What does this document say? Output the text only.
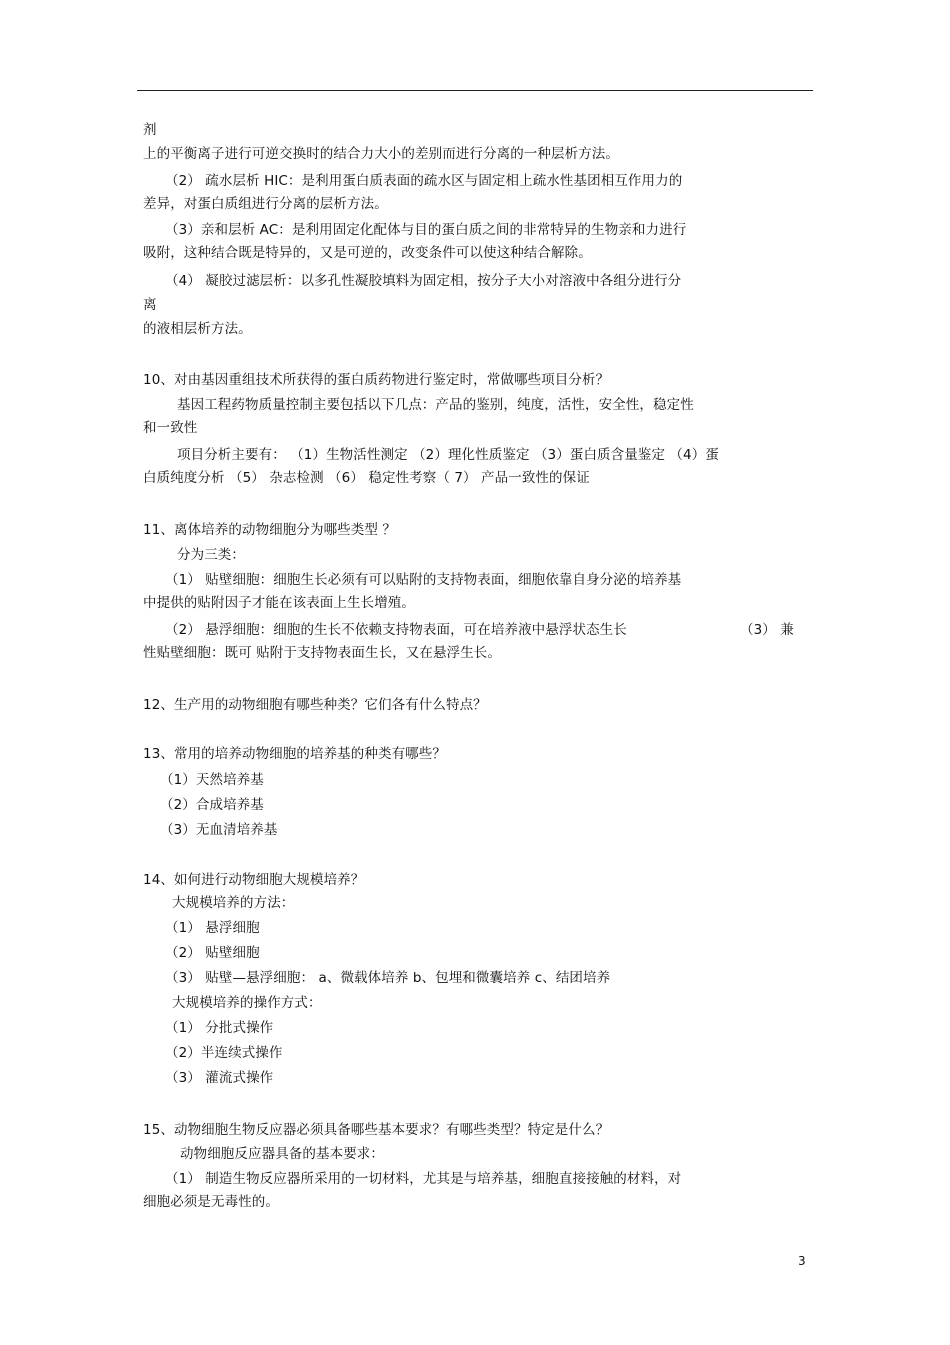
剂
上的平衡离子进行可逆交换时的结合力大小的差别而进行分离的一种层析方法。
（2） 疏水层析 HIC：是利用蛋白质表面的疏水区与固定相上疏水性基团相互作用力的
差异，对蛋白质组进行分离的层析方法。
（3）亲和层析 AC：是利用固定化配体与目的蛋白质之间的非常特异的生物亲和力进行
吸附，这种结合既是特异的，又是可逆的，改变条件可以使这种结合解除。
（4） 凝胶过滤层析：以多孔性凝胶填料为固定相，按分子大小对溶液中各组分进行分
离
的液相层析方法。
10、对由基因重组技术所获得的蛋白质药物进行鉴定时，常做哪些项目分析？
基因工程药物质量控制主要包括以下几点：产品的鉴别，纯度，活性，安全性，稳定性
和一致性
项目分析主要有： （1）生物活性测定 （2）理化性质鉴定 （3）蛋白质含量鉴定 （4）蛋
白质纯度分析 （5） 杂志检测 （6） 稳定性考察（ 7） 产品一致性的保证
11、离体培养的动物细胞分为哪些类型 ？
分为三类：
（1） 贴壁细胞：细胞生长必须有可以贴附的支持物表面，细胞依靠自身分泌的培养基
中提供的贴附因子才能在该表面上生长增殖。
（2） 悬浮细胞：细胞的生长不依赖支持物表面，可在培养液中悬浮状态生长	（3） 兼
性贴壁细胞：既可 贴附于支持物表面生长，又在悬浮生长。
12、生产用的动物细胞有哪些种类？它们各有什么特点？
13、常用的培养动物细胞的培养基的种类有哪些？
（1）天然培养基
（2）合成培养基
（3）无血清培养基
14、如何进行动物细胞大规模培养？
大规模培养的方法：
（1） 悬浮细胞
（2） 贴壁细胞
（3） 贴壁—悬浮细胞： a、微载体培养 b、包埋和微囊培养 c、结团培养
大规模培养的操作方式：
（1） 分批式操作
（2）半连续式操作
（3） 灌流式操作
15、动物细胞生物反应器必须具备哪些基本要求？有哪些类型？特定是什么？
动物细胞反应器具备的基本要求：
（1） 制造生物反应器所采用的一切材料，尤其是与培养基，细胞直接接触的材料，对
细胞必须是无毒性的。
3
